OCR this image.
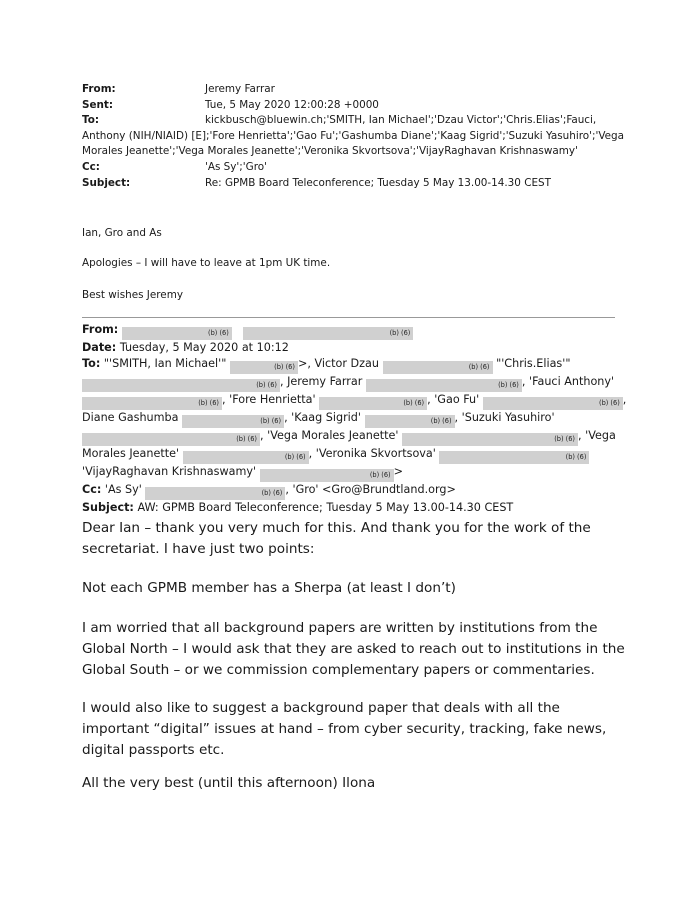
From:	Jeremy Farrar
Sent:	Tue, 5 May 2020 12:00:28 +0000
To:	kickbusch@bluewin.ch;'SMITH, Ian Michael';'Dzau Victor';'Chris.Elias';Fauci,
Anthony (NIH/NIAID) [E];'Fore Henrietta';'Gao Fu';'Gashumba Diane';'Kaag Sigrid';'Suzuki Yasuhiro';'Vega
Morales Jeanette';'Vega Morales Jeanette';'Veronika Skvortsova';'VijayRaghavan Krishnaswamy'
Cc:	'As Sy';'Gro'
Subject:	Re: GPMB Board Teleconference; Tuesday 5 May 13.00-14.30 CEST
Ian, Gro and As
Apologies – I will have to leave at 1pm UK time.
Best wishes Jeremy
From:	(b) (6)	(b) (6)
Date: Tuesday, 5 May 2020 at 10:12
To: "'SMITH, Ian Michael'"	(b) (6) >, Victor Dzau	(b) (6) "'Chris.Elias'"
(b) (6) , Jeremy Farrar	(b) (6) , 'Fauci Anthony'
(b) (6) , 'Fore Henrietta'	(b) (6) , 'Gao Fu'	(b) (6) ,
Diane Gashumba	(b) (6) , 'Kaag Sigrid'	(b) (6) , 'Suzuki Yasuhiro'
(b) (6) , 'Vega Morales Jeanette'	(b) (6) , 'Vega
Morales Jeanette'	(b) (6) , 'Veronika Skvortsova'	(b) (6)
'VijayRaghavan Krishnaswamy'	(b) (6) >
Cc: 'As Sy'	(b) (6) , 'Gro' <Gro@Brundtland.org>
Subject: AW: GPMB Board Teleconference; Tuesday 5 May 13.00-14.30 CEST
Dear Ian – thank you very much for this. And thank you for the work of the secretariat. I have just two points:
Not each GPMB member has a Sherpa (at least I don’t)
I am worried that all background papers are written by institutions from the Global North – I would ask that they are asked to reach out to institutions in the Global South – or we commission complementary papers or commentaries.
I would also like to suggest a background paper that deals with all the important “digital” issues at hand – from cyber security, tracking, fake news, digital passports etc.
All the very best (until this afternoon) Ilona
